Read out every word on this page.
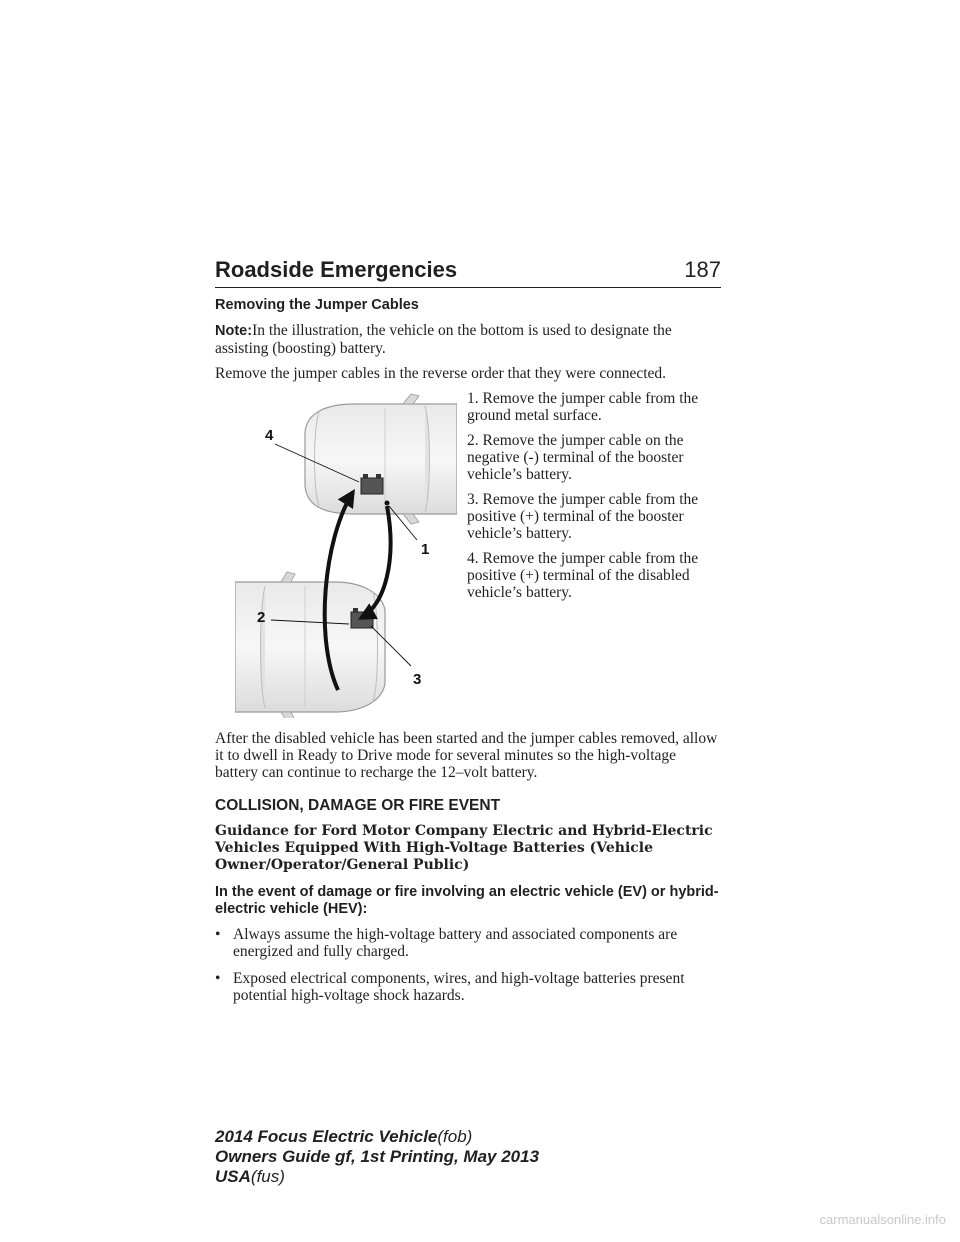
Roadside Emergencies	187
Removing the Jumper Cables

Note:In the illustration, the vehicle on the bottom is used to designate the assisting (boosting) battery.

Remove the jumper cables in the reverse order that they were connected.

4
1
2
3

1. Remove the jumper cable from the ground metal surface.

2. Remove the jumper cable on the negative (-) terminal of the booster vehicle’s battery.

3. Remove the jumper cable from the positive (+) terminal of the booster vehicle’s battery.

4. Remove the jumper cable from the positive (+) terminal of the disabled vehicle’s battery.

After the disabled vehicle has been started and the jumper cables removed, allow it to dwell in Ready to Drive mode for several minutes so the high-voltage battery can continue to recharge the 12–volt battery.

COLLISION, DAMAGE OR FIRE EVENT
Guidance for Ford Motor Company Electric and Hybrid-Electric Vehicles Equipped With High-Voltage Batteries (Vehicle Owner/Operator/General Public)
In the event of damage or fire involving an electric vehicle (EV) or hybrid-electric vehicle (HEV):
• Always assume the high-voltage battery and associated components are energized and fully charged.
• Exposed electrical components, wires, and high-voltage batteries present potential high-voltage shock hazards.
2014 Focus Electric Vehicle(fob)
Owners Guide gf, 1st Printing, May 2013
USA(fus)
carmanualsonline.info
